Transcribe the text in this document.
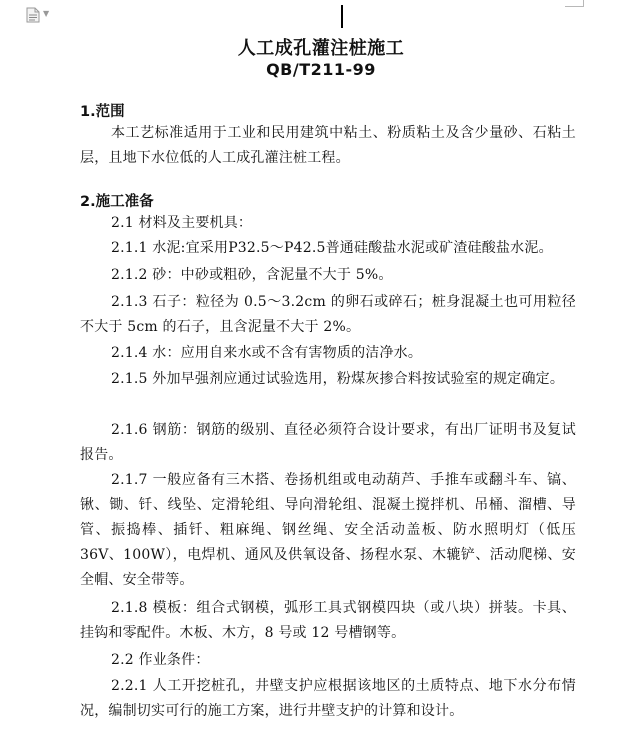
▼
人工成孔灌注桩施工
QB/T211-99
1.范围

本工艺标准适用于工业和民用建筑中粘土、粉质粘土及含少量砂、石粘土层，且地下水位低的人工成孔灌注桩工程。

2.施工准备

2.1 材料及主要机具：

2.1.1 水泥:宜采用P32.5～P42.5普通硅酸盐水泥或矿渣硅酸盐水泥。

2.1.2 砂：中砂或粗砂，含泥量不大于 5%。

2.1.3 石子：粒径为 0.5～3.2cm 的卵石或碎石；桩身混凝土也可用粒径不大于 5cm 的石子，且含泥量不大于 2%。

2.1.4 水：应用自来水或不含有害物质的洁净水。

2.1.5 外加早强剂应通过试验选用，粉煤灰掺合料按试验室的规定确定。

2.1.6 钢筋：钢筋的级别、直径必须符合设计要求，有出厂证明书及复试报告。

2.1.7 一般应备有三木搭、卷扬机组或电动葫芦、手推车或翻斗车、镐、锹、锄、钎、线坠、定滑轮组、导向滑轮组、混凝土搅拌机、吊桶、溜槽、导管、振捣棒、插钎、粗麻绳、钢丝绳、安全活动盖板、防水照明灯（低压 36V、100W），电焊机、通风及供氧设备、扬程水泵、木辘铲、活动爬梯、安全帽、安全带等。

2.1.8 模板：组合式钢模，弧形工具式钢模四块（或八块）拼装。卡具、挂钩和零配件。木板、木方，8 号或 12 号槽钢等。

2.2 作业条件：

2.2.1 人工开挖桩孔，井壁支护应根据该地区的土质特点、地下水分布情况，编制切实可行的施工方案，进行井壁支护的计算和设计。
